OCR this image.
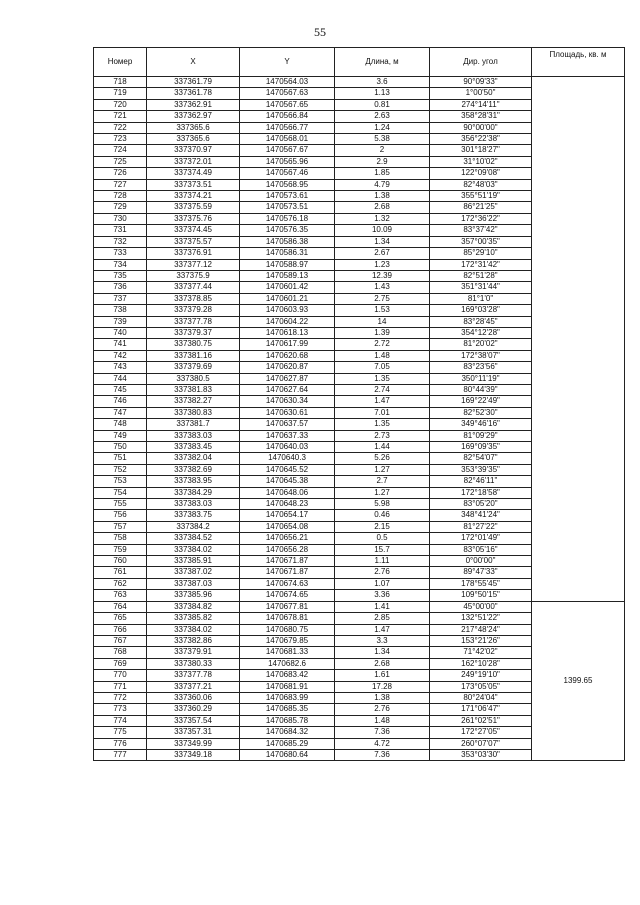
55
Номер	X	Y	Длина, м	Дир. угол	Площадь, кв. м
718	337361.79	1470564.03	3.6	90°09'33"	
719	337361.78	1470567.63	1.13	1°00'50"	
720	337362.91	1470567.65	0.81	274°14'11"	
721	337362.97	1470566.84	2.63	358°28'31"	
722	337365.6	1470566.77	1.24	90°00'00"	
723	337365.6	1470568.01	5.38	356°22'38"	
724	337370.97	1470567.67	2	301°18'27"	
725	337372.01	1470565.96	2.9	31°10'02"	
726	337374.49	1470567.46	1.85	122°09'08"	
727	337373.51	1470568.95	4.79	82°48'03"	
728	337374.21	1470573.61	1.38	355°51'19"	
729	337375.59	1470573.51	2.68	86°21'25"	
730	337375.76	1470576.18	1.32	172°36'22"	
731	337374.45	1470576.35	10.09	83°37'42"	
732	337375.57	1470586.38	1.34	357°00'35"	
733	337376.91	1470586.31	2.67	85°29'10"	
734	337377.12	1470588.97	1.23	172°31'42"	
735	337375.9	1470589.13	12.39	82°51'28"	
736	337377.44	1470601.42	1.43	351°31'44"	
737	337378.85	1470601.21	2.75	81°1'0"	
738	337379.28	1470603.93	1.53	169°03'28"	
739	337377.78	1470604.22	14	83°28'45"	
740	337379.37	1470618.13	1.39	354°12'28"	
741	337380.75	1470617.99	2.72	81°20'02"	
742	337381.16	1470620.68	1.48	172°38'07"	
743	337379.69	1470620.87	7.05	83°23'56"	
744	337380.5	1470627.87	1.35	350°11'19"	
745	337381.83	1470627.64	2.74	80°44'39"	
746	337382.27	1470630.34	1.47	169°22'49"	
747	337380.83	1470630.61	7.01	82°52'30"	
748	337381.7	1470637.57	1.35	349°46'16"	
749	337383.03	1470637.33	2.73	81°09'29"	
750	337383.45	1470640.03	1.44	169°09'35"	
751	337382.04	1470640.3	5.26	82°54'07"	
752	337382.69	1470645.52	1.27	353°39'35"	
753	337383.95	1470645.38	2.7	82°46'11"	
754	337384.29	1470648.06	1.27	172°18'58"	
755	337383.03	1470648.23	5.98	83°05'20"	
756	337383.75	1470654.17	0.46	348°41'24"	
757	337384.2	1470654.08	2.15	81°27'22"	
758	337384.52	1470656.21	0.5	172°01'49"	
759	337384.02	1470656.28	15.7	83°05'16"	
760	337385.91	1470671.87	1.11	0°00'00"	
761	337387.02	1470671.87	2.76	89°47'33"	
762	337387.03	1470674.63	1.07	178°55'45"	
763	337385.96	1470674.65	3.36	109°50'15"	
764	337384.82	1470677.81	1.41	45°00'00"	1399.65
765	337385.82	1470678.81	2.85	132°51'22"	
766	337384.02	1470680.75	1.47	217°48'24"	
767	337382.86	1470679.85	3.3	153°21'26"	
768	337379.91	1470681.33	1.34	71°42'02"	
769	337380.33	1470682.6	2.68	162°10'28"	
770	337377.78	1470683.42	1.61	249°19'10"	
771	337377.21	1470681.91	17.28	173°05'05"	
772	337360.06	1470683.99	1.38	80°24'04"	
773	337360.29	1470685.35	2.76	171°06'47"	
774	337357.54	1470685.78	1.48	261°02'51"	
775	337357.31	1470684.32	7.36	172°27'05"	
776	337349.99	1470685.29	4.72	260°07'07"	
777	337349.18	1470680.64	7.36	353°03'30"	
